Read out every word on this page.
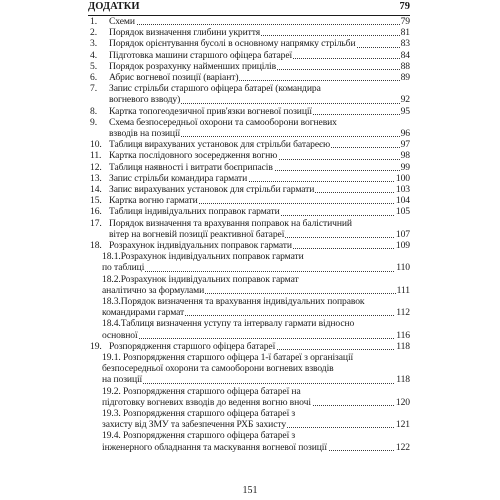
ДОДАТКИ	79
1. Схеми	79
2. Порядок визначення глибини укриття	81
3. Порядок орієнтування бусолі в основному напрямку стрільби	83
4. Підготовка машини старшого офіцера батареї	84
5. Порядок розрахунку найменших прицілів	88
6. Абрис вогневої позиції (варіант)	89
7. Запис стрільби старшого офіцера батареї (командира
вогневого взводу)	92
8. Картка топогеодезичної прив'язки вогневої позиції	95
9. Схема безпосередньої охорони та самооборони вогневих
взводів на позиції	96
10. Таблиця вирахуваних установок для стрільби батареєю	97
11. Картка послідовного зосередження вогню	98
12. Таблиця наявності і витрати боєприпасів	99
13. Запис стрільби командира гармати	100
14. Запис вирахуваних установок для стрільби гармати	103
15. Картка вогню гармати	104
16. Таблиця індивідуальних поправок гармати	105
17. Порядок визначення та врахування поправок на балістичний
вітер на вогневій позиції реактивної батареї	107
18. Розрахунок індивідуальних поправок гармати	109
18.1.Розрахунок індивідуальних поправок гармати
по таблиці	110
18.2.Розрахунок індивідуальних поправок гармат
аналітично за формулами	111
18.3.Порядок визначення та врахування індивідуальних поправок
командирами гармат	112
18.4.Таблиця визначення уступу та інтервалу гармати відносно
основної	116
19. Розпорядження старшого офіцера батареї	118
19.1. Розпорядження старшого офіцера 1-ї батареї з організації
безпосередньої охорони та самооборони вогневих взводів
на позиції	118
19.2. Розпорядження старшого офіцера батареї на
підготовку вогневих взводів до ведення вогню вночі	120
19.3. Розпорядження старшого офіцера батареї з
захисту від ЗМУ та забезпечення РХБ захисту	121
19.4. Розпорядження старшого офіцера батареї з
інженерного обладнання та маскування вогневої позиції	122
151
